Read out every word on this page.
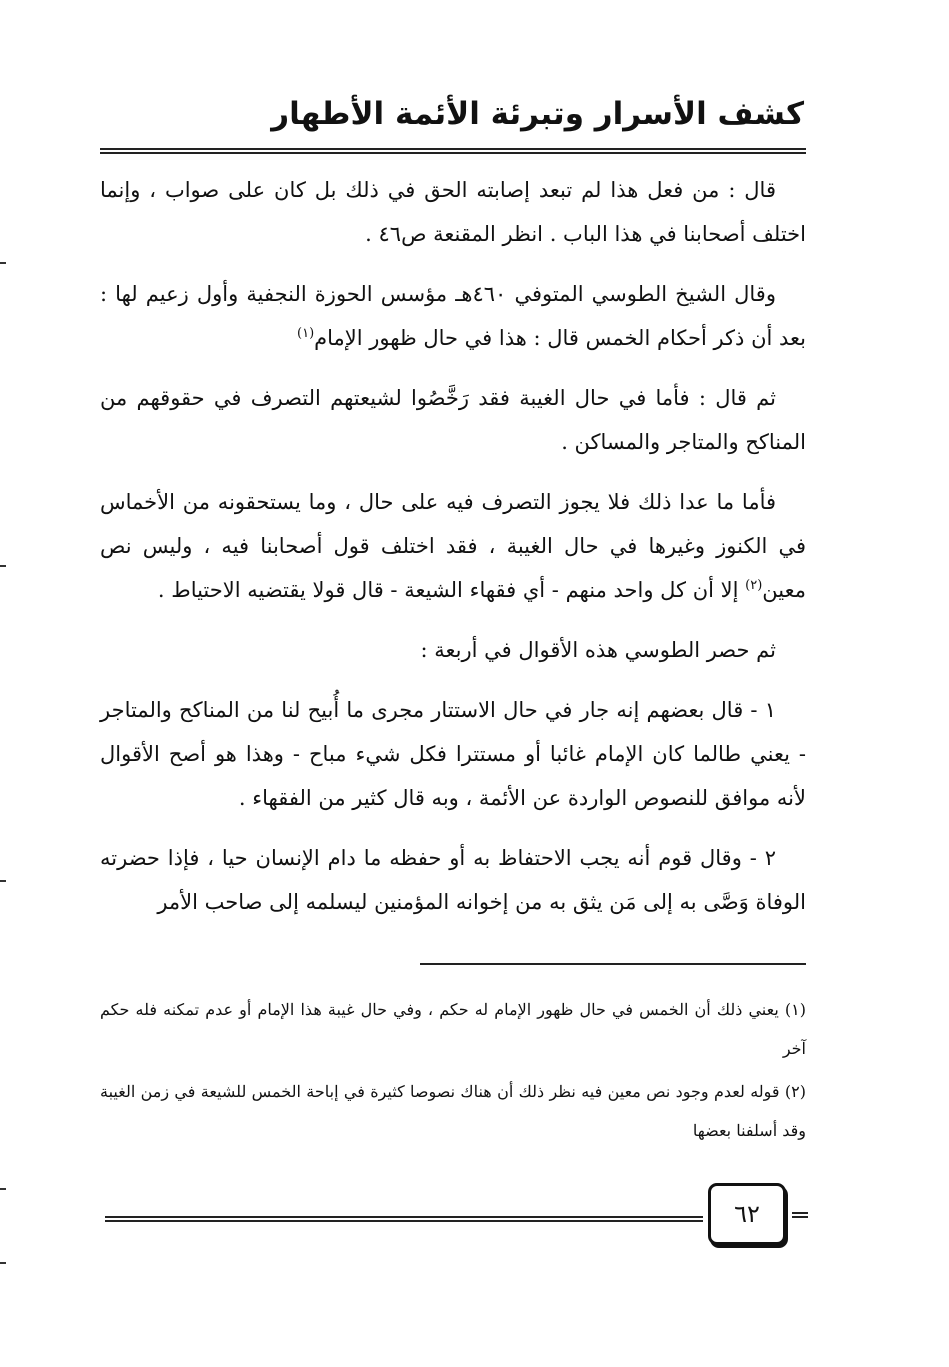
كشف الأسرار وتبرئة الأئمة الأطهار

قال : من فعل هذا لم تبعد إصابته الحق في ذلك بل كان على صواب ، وإنما اختلف أصحابنا في هذا الباب . انظر المقنعة ص٤٦ .

وقال الشيخ الطوسي المتوفي ٤٦٠هـ مؤسس الحوزة النجفية وأول زعيم لها : بعد أن ذكر أحكام الخمس قال : هذا في حال ظهور الإمام$^{(١)}$

ثم قال : فأما في حال الغيبة فقد رَخَّصُوا لشيعتهم التصرف في حقوقهم من المناكح والمتاجر والمساكن .

فأما ما عدا ذلك فلا يجوز التصرف فيه على حال ، وما يستحقونه من الأخماس في الكنوز وغيرها في حال الغيبة ، فقد اختلف قول أصحابنا فيه ، وليس نص معين$^{(٢)}$ إلا أن كل واحد منهم - أي فقهاء الشيعة - قال قولا يقتضيه الاحتياط .

ثم حصر الطوسي هذه الأقوال في أربعة :

١ - قال بعضهم إنه جار في حال الاستتار مجرى ما أُبيح لنا من المناكح والمتاجر - يعني طالما كان الإمام غائبا أو مستترا فكل شيء مباح - وهذا هو أصح الأقوال لأنه موافق للنصوص الواردة عن الأئمة ، وبه قال كثير من الفقهاء .

٢ - وقال قوم أنه يجب الاحتفاظ به أو حفظه ما دام الإنسان حيا ، فإذا حضرته الوفاة وَصَّى به إلى مَن يثق به من إخوانه المؤمنين ليسلمه إلى صاحب الأمر

(١) يعني ذلك أن الخمس في حال ظهور الإمام له حكم ، وفي حال غيبة هذا الإمام أو عدم تمكنه فله حكم آخر

(٢) قوله لعدم وجود نص معين فيه نظر ذلك أن هناك نصوصا كثيرة في إباحة الخمس للشيعة في زمن الغيبة وقد أسلفنا بعضها

٦٢
